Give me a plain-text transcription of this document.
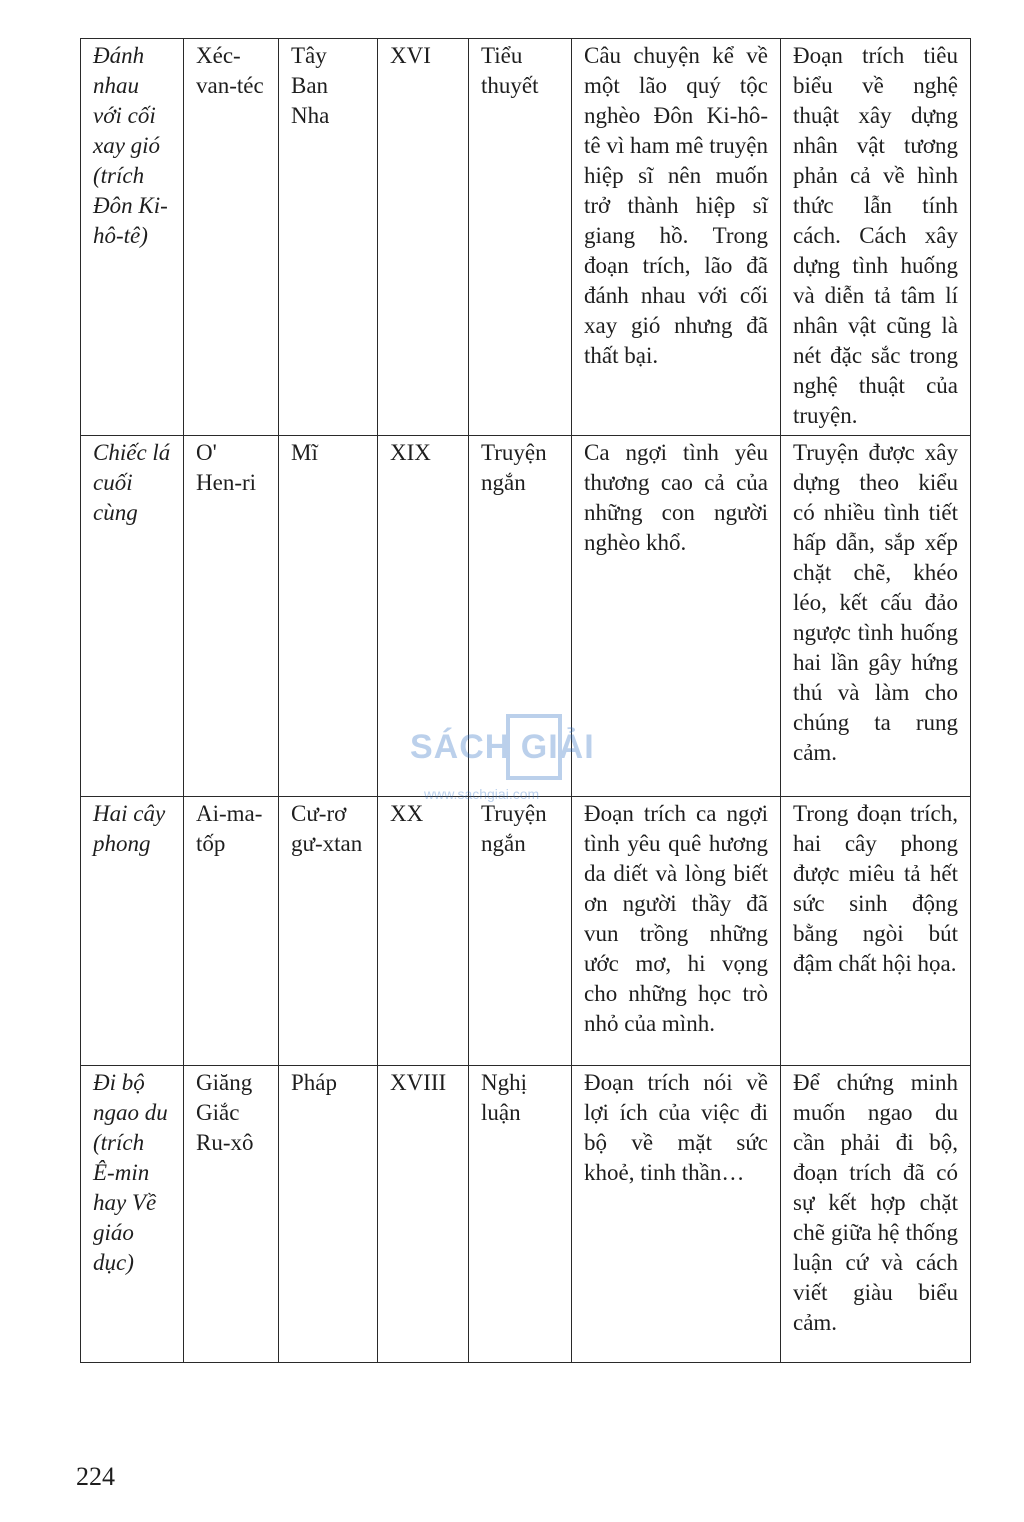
Đánh nhau với cối xay gió (trích Đôn Ki-hô-tê)	Xéc-van-téc	Tây Ban Nha	XVI	Tiểu thuyết	Câu chuyện kể về một lão quý tộc nghèo Đôn Ki-hô-tê vì ham mê truyện hiệp sĩ nên muốn trở thành hiệp sĩ giang hồ. Trong đoạn trích, lão đã đánh nhau với cối xay gió nhưng đã thất bại.	Đoạn trích tiêu biểu về nghệ thuật xây dựng nhân vật tương phản cả về hình thức lẫn tính cách. Cách xây dựng tình huống và diễn tả tâm lí nhân vật cũng là nét đặc sắc trong nghệ thuật của truyện.
Chiếc lá cuối cùng	O' Hen-ri	Mĩ	XIX	Truyện ngắn	Ca ngợi tình yêu thương cao cả của những con người nghèo khổ.	Truyện được xây dựng theo kiểu có nhiều tình tiết hấp dẫn, sắp xếp chặt chẽ, khéo léo, kết cấu đảo ngược tình huống hai lần gây hứng thú và làm cho chúng ta rung cảm.
Hai cây phong	Ai-ma-tốp	Cư-rơ gư-xtan	XX	Truyện ngắn	Đoạn trích ca ngợi tình yêu quê hương da diết và lòng biết ơn người thầy đã vun trồng những ước mơ, hi vọng cho những học trò nhỏ của mình.	Trong đoạn trích, hai cây phong được miêu tả hết sức sinh động bằng ngòi bút đậm chất hội họa.
Đi bộ ngao du (trích Ê-min hay Về giáo dục)	Giăng Giắc Ru-xô	Pháp	XVIII	Nghị luận	Đoạn trích nói về lợi ích của việc đi bộ về mặt sức khoẻ, tinh thần…	Để chứng minh muốn ngao du cần phải đi bộ, đoạn trích đã có sự kết hợp chặt chẽ giữa hệ thống luận cứ và cách viết giàu biểu cảm.
SÁCH GIẢI
www.sachgiai.com
224
